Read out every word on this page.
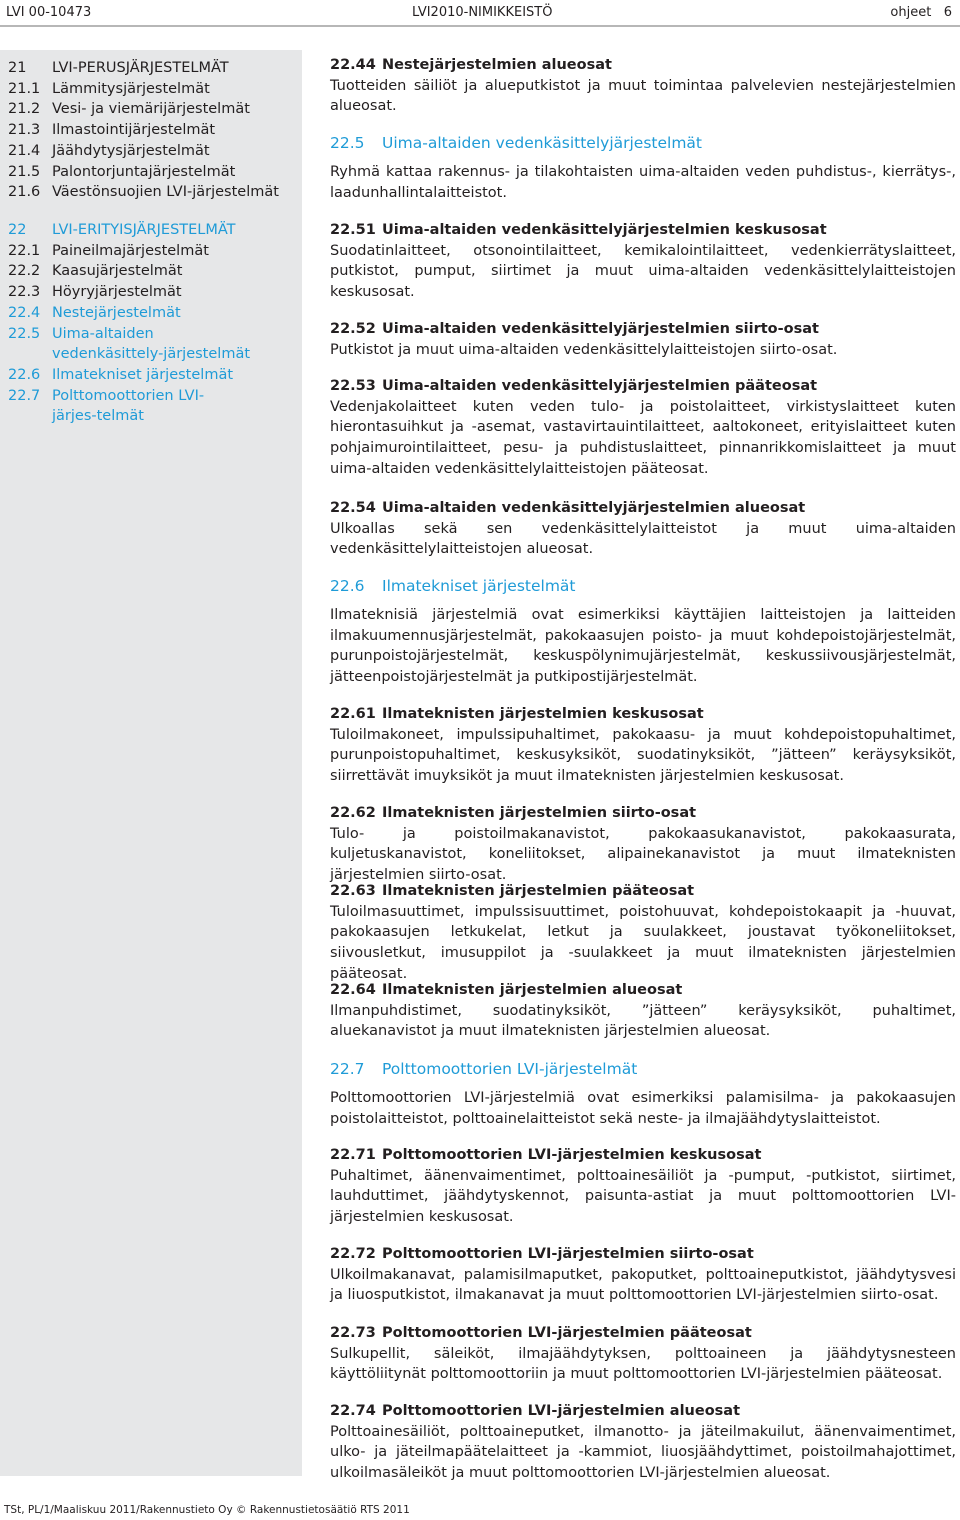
LVI 00-10473	LVI2010-NIMIKKEISTÖ	ohjeet   6
21	LVI-PERUSJÄRJESTELMÄT
21.1 Lämmitysjärjestelmät
21.2 Vesi- ja viemärijärjestelmät
21.3 Ilmastointijärjestelmät
21.4 Jäähdytysjärjestelmät
21.5 Palontorjuntajärjestelmät
21.6 Väestönsuojien LVI-järjestelmät
22	LVI-ERITYISJÄRJESTELMÄT
22.1 Paineilmajärjestelmät
22.2 Kaasujärjestelmät
22.3 Höyryjärjestelmät
22.4 Nestejärjestelmät
22.5 Uima-altaiden vedenkäsittely-järjestelmät
22.6 Ilmatekniset järjestelmät
22.7 Polttomoottorien LVI-järjes-telmät
22.44 Nestejärjestelmien alueosat
Tuotteiden säiliöt ja alueputkistot ja muut toimintaa palvelevien nestejärjestelmien alueosat.
22.5 Uima-altaiden vedenkäsittelyjärjestelmät
Ryhmä kattaa rakennus- ja tilakohtaisten uima-altaiden veden puhdistus-, kierrätys-, laadunhallintalaitteistot.
22.51 Uima-altaiden vedenkäsittelyjärjestelmien keskusosat
Suodatinlaitteet, otsonointilaitteet, kemikalointilaitteet, vedenkierrätyslaitteet, putkistot, pumput, siirtimet ja muut uima-altaiden vedenkäsittelylaitteistojen keskusosat.
22.52 Uima-altaiden vedenkäsittelyjärjestelmien siirto-osat
Putkistot ja muut uima-altaiden vedenkäsittelylaitteistojen siirto-osat.
22.53 Uima-altaiden vedenkäsittelyjärjestelmien pääteosat
Vedenjakolaitteet kuten veden tulo- ja poistolaitteet, virkistyslaitteet kuten hierontasuihkut ja -asemat, vastavirtauintilaitteet, aaltokoneet, erityislaitteet kuten pohjaimurointilaitteet, pesu- ja puhdistuslaitteet, pinnanrikkomislaitteet ja muut uima-altaiden vedenkäsittelylaitteistojen pääteosat.
22.54 Uima-altaiden vedenkäsittelyjärjestelmien alueosat
Ulkoallas sekä sen vedenkäsittelylaitteistot ja muut uima-altaiden vedenkäsittelylaitteistojen alueosat.
22.6 Ilmatekniset järjestelmät
Ilmateknisiä järjestelmiä ovat esimerkiksi käyttäjien laitteistojen ja laitteiden ilmakuumennusjärjestelmät, pakokaasujen poisto- ja muut kohdepoistojärjestelmät, purunpoistojärjestelmät, keskuspölynimujärjestelmät, keskussiivousjärjestelmät, jätteenpoistojärjestelmät ja putkipostijärjestelmät.
22.61 Ilmateknisten järjestelmien keskusosat
Tuloilmakoneet, impulssipuhaltimet, pakokaasu- ja muut kohdepoistopuhaltimet, purunpoistopuhaltimet, keskusyksiköt, suodatinyksiköt, ”jätteen” keräysyksiköt, siirrettävät imuyksiköt ja muut ilmateknisten järjestelmien keskusosat.
22.62 Ilmateknisten järjestelmien siirto-osat
Tulo- ja poistoilmakanavistot, pakokaasukanavistot, pakokaasurata, kuljetuskanavistot, koneliitokset, alipainekanavistot ja muut ilmateknisten järjestelmien siirto-osat.
22.63 Ilmateknisten järjestelmien pääteosat
Tuloilmasuuttimet, impulssisuuttimet, poistohuuvat, kohdepoistokaapit ja -huuvat, pakokaasujen letkukelat, letkut ja suulakkeet, joustavat työkoneliitokset, siivousletkut, imusuppilot ja -suulakkeet ja muut ilmateknisten järjestelmien pääteosat.
22.64 Ilmateknisten järjestelmien alueosat
Ilmanpuhdistimet, suodatinyksiköt, ”jätteen” keräysyksiköt, puhaltimet, aluekanavistot ja muut ilmateknisten järjestelmien alueosat.
22.7 Polttomoottorien LVI-järjestelmät
Polttomoottorien LVI-järjestelmiä ovat esimerkiksi palamisilma- ja pakokaasujen poistolaitteistot, polttoainelaitteistot sekä neste- ja ilmajäähdytyslaitteistot.
22.71 Polttomoottorien LVI-järjestelmien keskusosat
Puhaltimet, äänenvaimentimet, polttoainesäiliöt ja -pumput, -putkistot, siirtimet, lauhduttimet, jäähdytyskennot, paisunta-astiat ja muut polttomoottorien LVI-järjestelmien keskusosat.
22.72 Polttomoottorien LVI-järjestelmien siirto-osat
Ulkoilmakanavat, palamisilmaputket, pakoputket, polttoaineputkistot, jäähdytysvesi ja liuosputkistot, ilmakanavat ja muut polttomoottorien LVI-järjestelmien siirto-osat.
22.73 Polttomoottorien LVI-järjestelmien pääteosat
Sulkupellit, säleiköt, ilmajäähdytyksen, polttoaineen ja jäähdytysnesteen käyttöliitynät polttomoottoriin ja muut polttomoottorien LVI-järjestelmien pääteosat.
22.74 Polttomoottorien LVI-järjestelmien alueosat
Polttoainesäiliöt, polttoaineputket, ilmanotto- ja jäteilmakuilut, äänenvaimentimet, ulko- ja jäteilmapäätelaitteet ja -kammiot, liuosjäähdyttimet, poistoilmahajottimet, ulkoilmasäleiköt ja muut polttomoottorien LVI-järjestelmien alueosat.
TSt, PL/1/Maaliskuu 2011/Rakennustieto Oy © Rakennustietosäätiö RTS 2011
